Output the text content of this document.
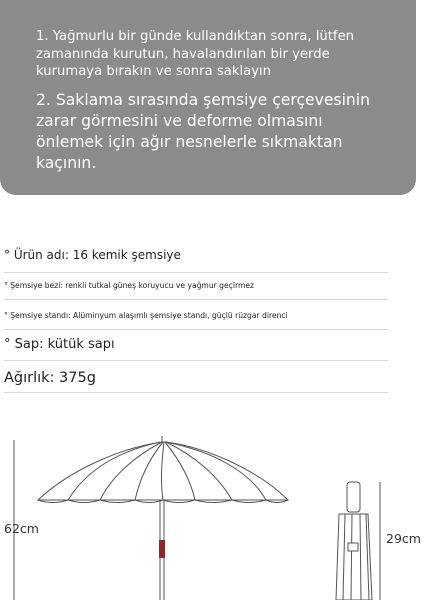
1. Yağmurlu bir günde kullandıktan sonra, lütfen zamanında kurutun, havalandırılan bir yerde kurumaya bırakın ve sonra saklayın

2. Saklama sırasında şemsiye çerçevesinin zarar görmesini ve deforme olmasını önlemek için ağır nesnelerle sıkmaktan kaçının.

° Ürün adı: 16 kemik şemsiye
° Şemsiye bezi: renkli tutkal güneş koruyucu ve yağmur geçirmez
° Şemsiye standı: Alüminyum alaşımlı şemsiye standı, güçlü rüzgar direnci
° Sap: kütük sapı
Ağırlık: 375g
62cm
29cm
